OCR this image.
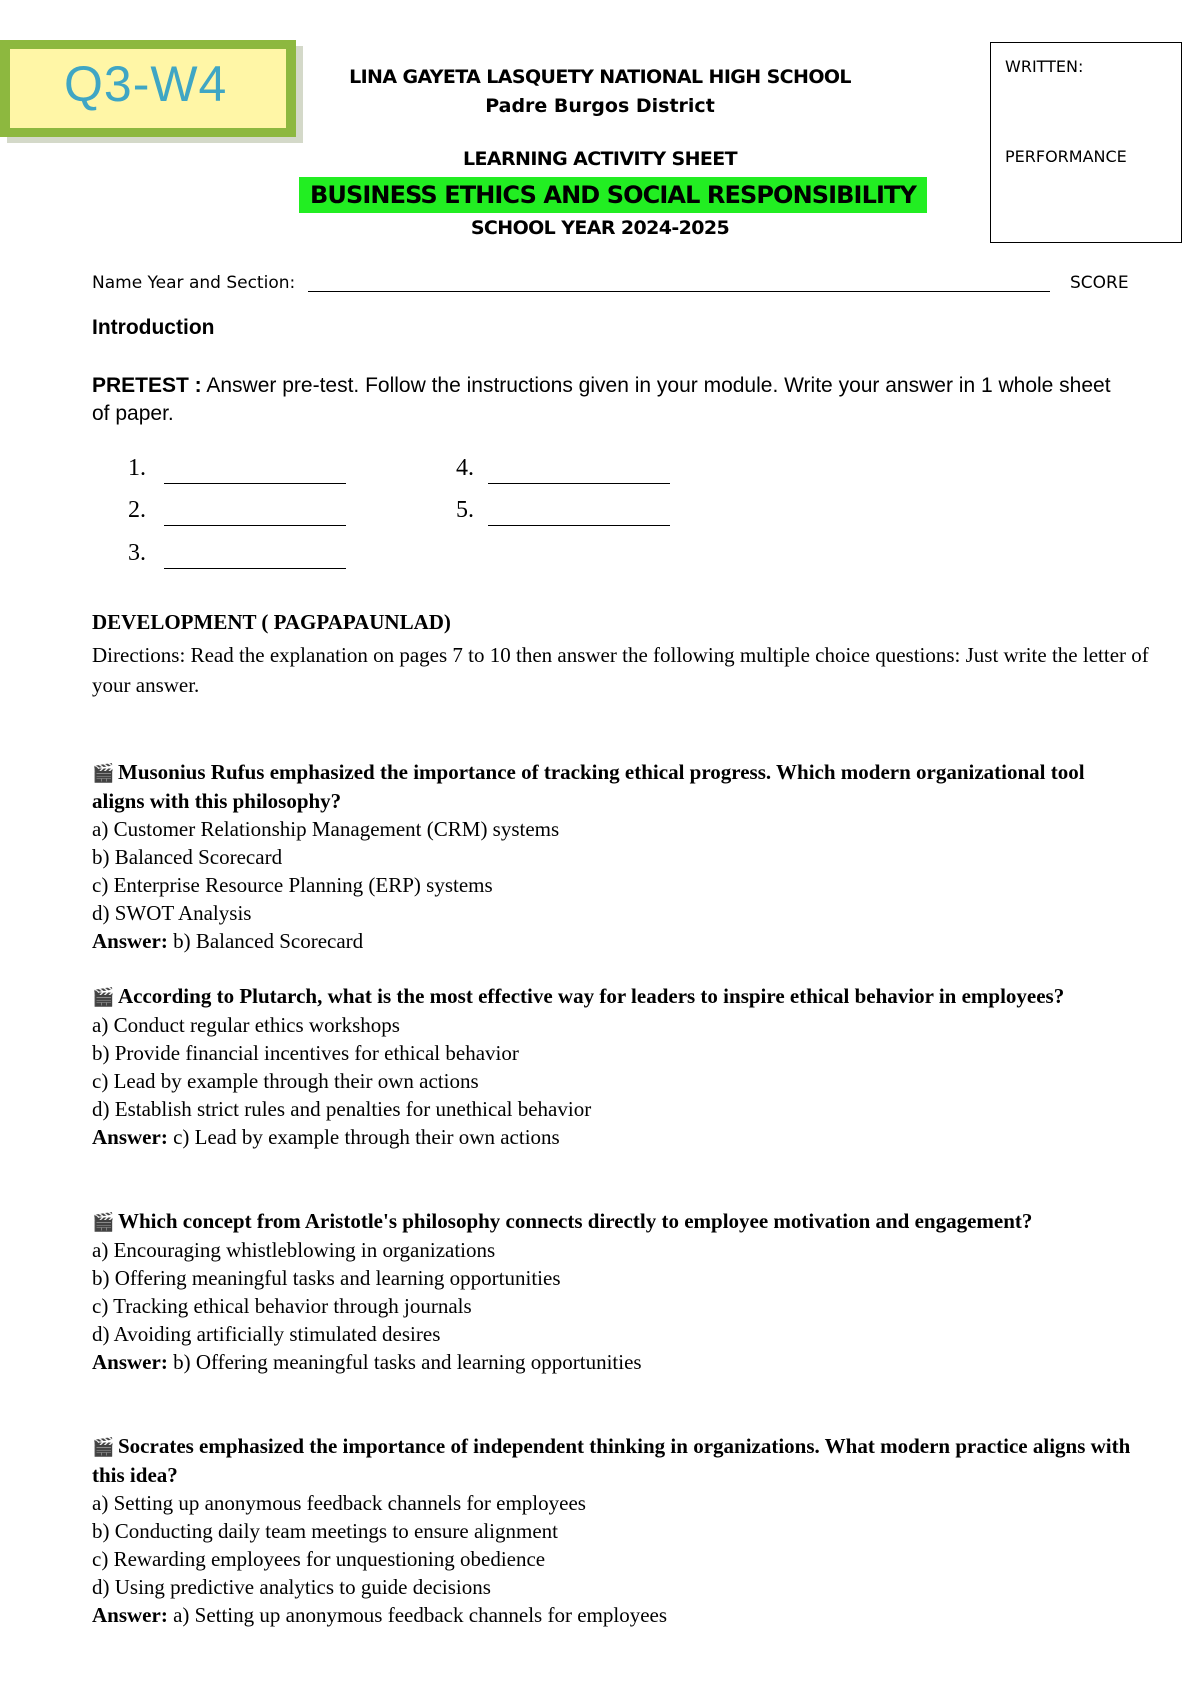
Q3-W4	LINA GAYETA LASQUETY NATIONAL HIGH SCHOOL
Padre Burgos District
LEARNING ACTIVITY SHEET
BUSINESS ETHICS AND SOCIAL RESPONSIBILITY
SCHOOL YEAR 2024-2025
WRITTEN:
PERFORMANCE
Name Year and Section:	SCORE
Introduction
PRETEST : Answer pre-test. Follow the instructions given in your module. Write your answer in 1 whole sheet of paper.
1.
2.
3.
4.
5.
DEVELOPMENT ( PAGPAPAUNLAD)
Directions: Read the explanation on pages 7 to 10 then answer the following multiple choice questions: Just write the letter of your answer.
🎬 Musonius Rufus emphasized the importance of tracking ethical progress. Which modern organizational tool aligns with this philosophy?
a) Customer Relationship Management (CRM) systems
b) Balanced Scorecard
c) Enterprise Resource Planning (ERP) systems
d) SWOT Analysis
Answer: b) Balanced Scorecard
🎬 According to Plutarch, what is the most effective way for leaders to inspire ethical behavior in employees?
a) Conduct regular ethics workshops
b) Provide financial incentives for ethical behavior
c) Lead by example through their own actions
d) Establish strict rules and penalties for unethical behavior
Answer: c) Lead by example through their own actions
🎬 Which concept from Aristotle's philosophy connects directly to employee motivation and engagement?
a) Encouraging whistleblowing in organizations
b) Offering meaningful tasks and learning opportunities
c) Tracking ethical behavior through journals
d) Avoiding artificially stimulated desires
Answer: b) Offering meaningful tasks and learning opportunities
🎬 Socrates emphasized the importance of independent thinking in organizations. What modern practice aligns with this idea?
a) Setting up anonymous feedback channels for employees
b) Conducting daily team meetings to ensure alignment
c) Rewarding employees for unquestioning obedience
d) Using predictive analytics to guide decisions
Answer: a) Setting up anonymous feedback channels for employees
